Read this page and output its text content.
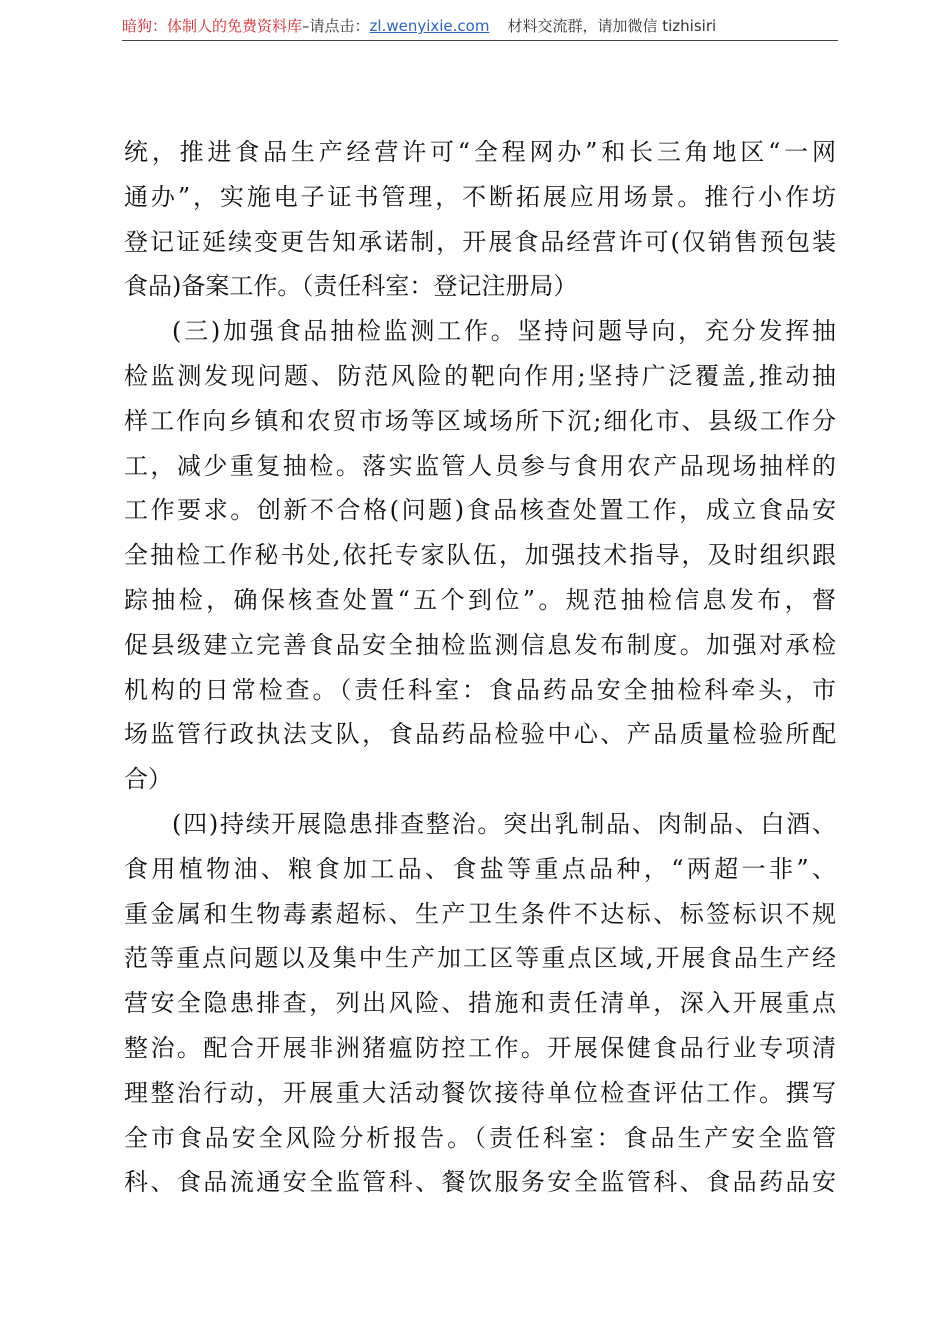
暗狗：体制人的免费资料库–请点击：zl.wenyixie.com 材料交流群，请加微信 tizhisiri
统，推进食品生产经营许可“全程网办”和长三角地区“一网
通办”，实施电子证书管理，不断拓展应用场景。推行小作坊
登记证延续变更告知承诺制，开展食品经营许可(仅销售预包装
食品)备案工作。（责任科室：登记注册局）
(三)加强食品抽检监测工作。坚持问题导向，充分发挥抽
检监测发现问题、防范风险的靶向作用;坚持广泛覆盖,推动抽
样工作向乡镇和农贸市场等区域场所下沉;细化市、县级工作分
工，减少重复抽检。落实监管人员参与食用农产品现场抽样的
工作要求。创新不合格(问题)食品核查处置工作，成立食品安
全抽检工作秘书处,依托专家队伍，加强技术指导，及时组织跟
踪抽检，确保核查处置“五个到位”。规范抽检信息发布，督
促县级建立完善食品安全抽检监测信息发布制度。加强对承检
机构的日常检查。（责任科室：食品药品安全抽检科牵头，市
场监管行政执法支队，食品药品检验中心、产品质量检验所配
合）
(四)持续开展隐患排查整治。突出乳制品、肉制品、白酒、
食用植物油、粮食加工品、食盐等重点品种，“两超一非”、
重金属和生物毒素超标、生产卫生条件不达标、标签标识不规
范等重点问题以及集中生产加工区等重点区域,开展食品生产经
营安全隐患排查，列出风险、措施和责任清单，深入开展重点
整治。配合开展非洲猪瘟防控工作。开展保健食品行业专项清
理整治行动，开展重大活动餐饮接待单位检查评估工作。撰写
全市食品安全风险分析报告。（责任科室：食品生产安全监管
科、食品流通安全监管科、餐饮服务安全监管科、食品药品安
